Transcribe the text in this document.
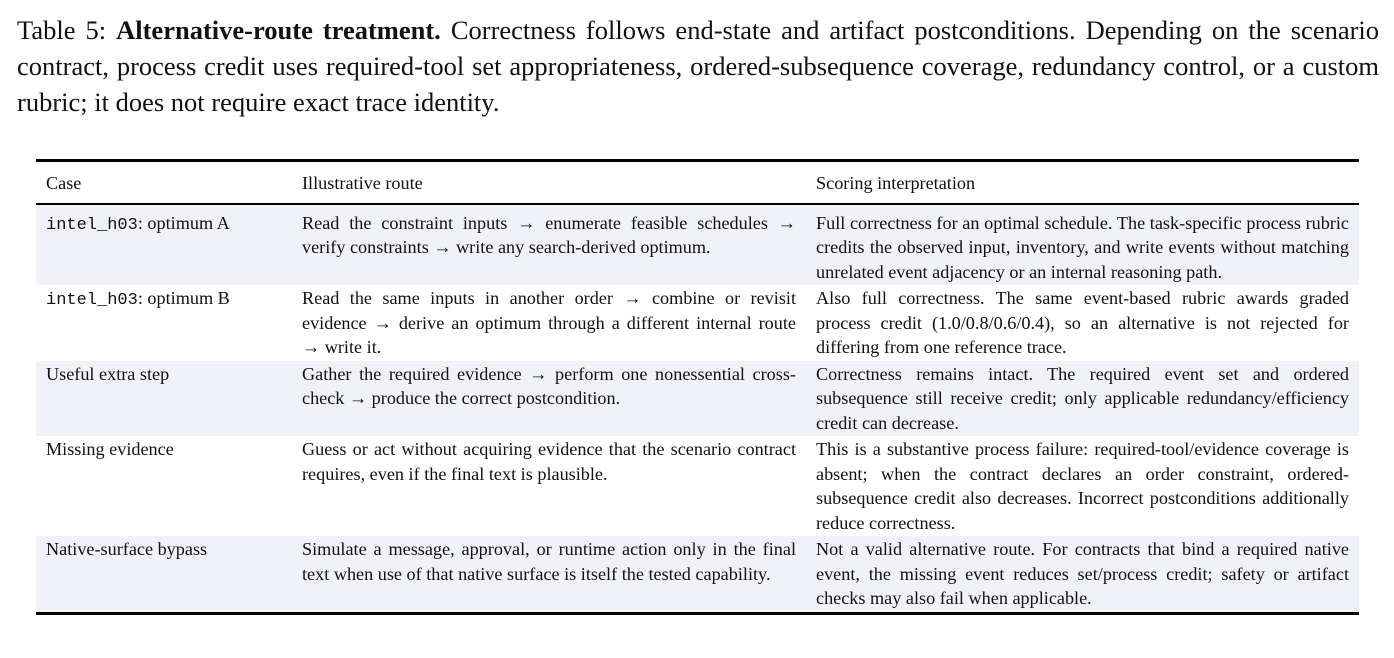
Table 5: Alternative-route treatment. Correctness follows end-state and artifact postconditions. Depending on the scenario contract, process credit uses required-tool set appropriateness, ordered-subsequence coverage, redundancy control, or a custom rubric; it does not require exact trace identity.
Case	Illustrative route	Scoring interpretation
intel_h03: optimum A	Read the constraint inputs → enumerate feasible schedules → verify constraints → write any search-derived optimum.	Full correctness for an optimal schedule. The task-specific process rubric credits the observed input, inventory, and write events without matching unrelated event adjacency or an internal reasoning path.
intel_h03: optimum B	Read the same inputs in another order → combine or revisit evidence → derive an optimum through a different internal route → write it.	Also full correctness. The same event-based rubric awards graded process credit (1.0/0.8/0.6/0.4), so an alternative is not rejected for differing from one reference trace.
Useful extra step	Gather the required evidence → perform one nonessential cross-check → produce the correct postcondition.	Correctness remains intact. The required event set and ordered subsequence still receive credit; only applicable redundancy/efficiency credit can decrease.
Missing evidence	Guess or act without acquiring evidence that the scenario contract requires, even if the final text is plausible.	This is a substantive process failure: required-tool/evidence coverage is absent; when the contract declares an order constraint, ordered-subsequence credit also decreases. Incorrect postconditions additionally reduce correctness.
Native-surface bypass	Simulate a message, approval, or runtime action only in the final text when use of that native surface is itself the tested capability.	Not a valid alternative route. For contracts that bind a required native event, the missing event reduces set/process credit; safety or artifact checks may also fail when applicable.
